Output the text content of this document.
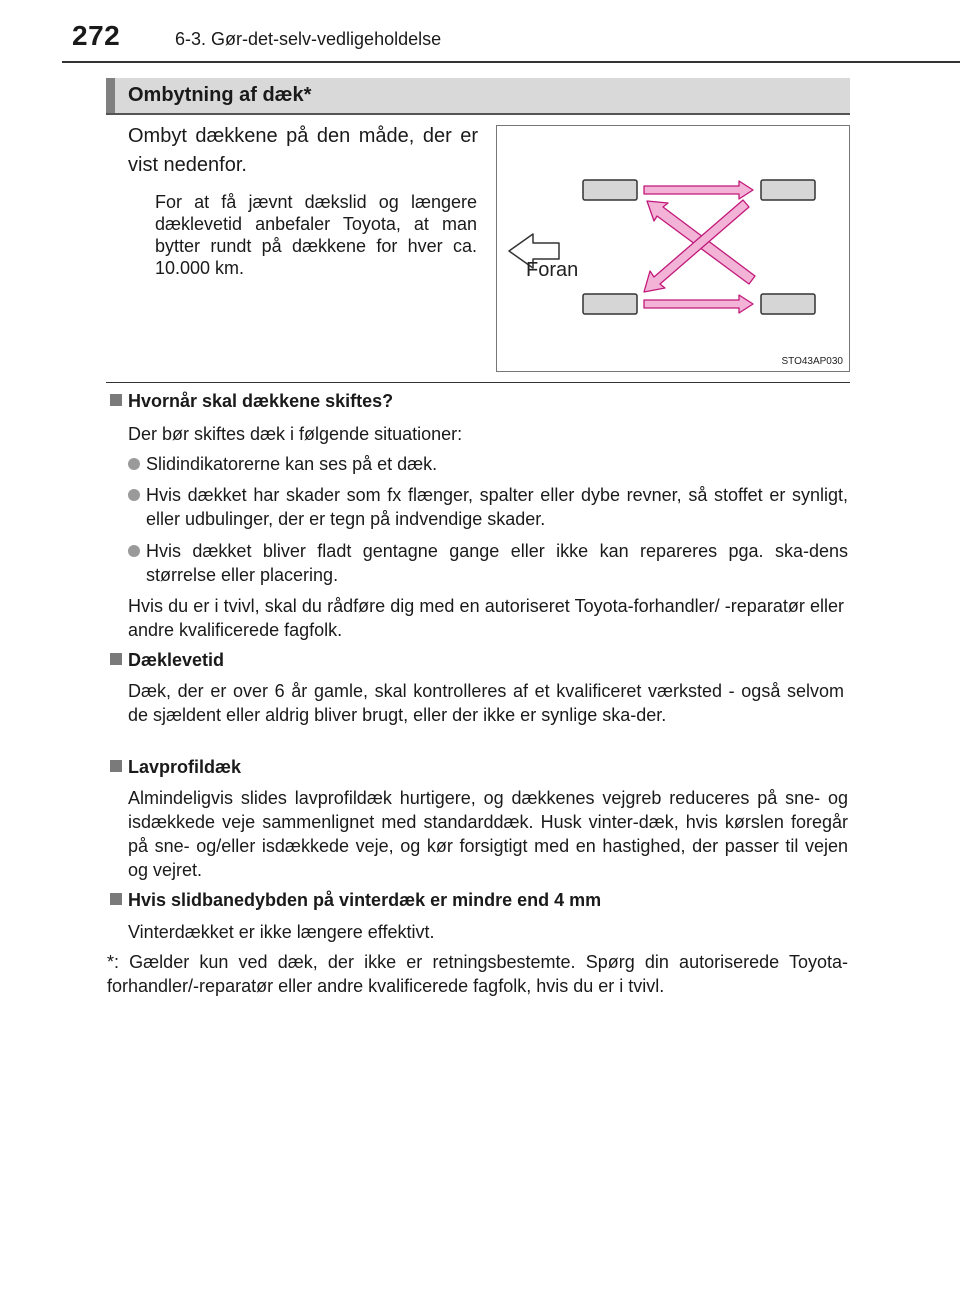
272	6-3. Gør-det-selv-vedligeholdelse
Ombytning af dæk*
Ombyt dækkene på den måde, der er vist nedenfor.
For at få jævnt dækslid og længere dæklevetid anbefaler Toyota, at man bytter rundt på dækkene for hver ca. 10.000 km.	Foran
STO43AP030
Hvornår skal dækkene skiftes?
Der bør skiftes dæk i følgende situationer:
Slidindikatorerne kan ses på et dæk.
Hvis dækket har skader som fx flænger, spalter eller dybe revner, så stoffet er synligt, eller udbulinger, der er tegn på indvendige skader.
Hvis dækket bliver fladt gentagne gange eller ikke kan repareres pga. ska-dens størrelse eller placering.
Hvis du er i tvivl, skal du rådføre dig med en autoriseret Toyota-forhandler/ -reparatør eller andre kvalificerede fagfolk.
Dæklevetid
Dæk, der er over 6 år gamle, skal kontrolleres af et kvalificeret værksted - også selvom de sjældent eller aldrig bliver brugt, eller der ikke er synlige ska-der.
Lavprofildæk
Almindeligvis slides lavprofildæk hurtigere, og dækkenes vejgreb reduceres på sne- og isdækkede veje sammenlignet med standarddæk. Husk vinter-dæk, hvis kørslen foregår på sne- og/eller isdækkede veje, og kør forsigtigt med en hastighed, der passer til vejen og vejret.
Hvis slidbanedybden på vinterdæk er mindre end 4 mm
Vinterdækket er ikke længere effektivt.
*: Gælder kun ved dæk, der ikke er retningsbestemte. Spørg din autoriserede Toyota-forhandler/-reparatør eller andre kvalificerede fagfolk, hvis du er i tvivl.
